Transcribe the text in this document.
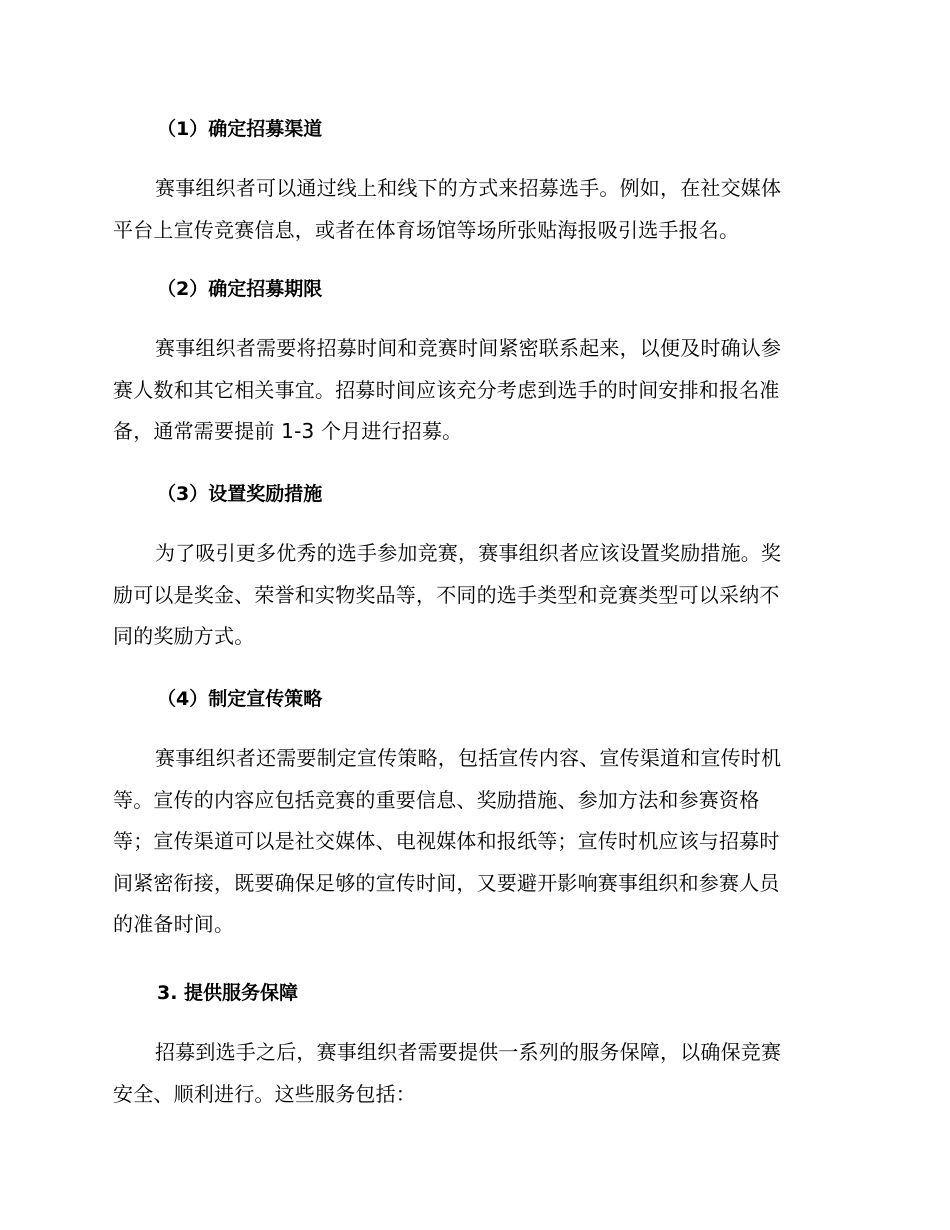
（1）确定招募渠道
赛事组织者可以通过线上和线下的方式来招募选手。例如，在社交媒体
平台上宣传竞赛信息，或者在体育场馆等场所张贴海报吸引选手报名。
（2）确定招募期限
赛事组织者需要将招募时间和竞赛时间紧密联系起来，以便及时确认参
赛人数和其它相关事宜。招募时间应该充分考虑到选手的时间安排和报名准
备，通常需要提前 1-3 个月进行招募。
（3）设置奖励措施
为了吸引更多优秀的选手参加竞赛，赛事组织者应该设置奖励措施。奖
励可以是奖金、荣誉和实物奖品等，不同的选手类型和竞赛类型可以采纳不
同的奖励方式。
（4）制定宣传策略
赛事组织者还需要制定宣传策略，包括宣传内容、宣传渠道和宣传时机
等。宣传的内容应包括竞赛的重要信息、奖励措施、参加方法和参赛资格
等；宣传渠道可以是社交媒体、电视媒体和报纸等；宣传时机应该与招募时
间紧密衔接，既要确保足够的宣传时间，又要避开影响赛事组织和参赛人员
的准备时间。
3. 提供服务保障
招募到选手之后，赛事组织者需要提供一系列的服务保障，以确保竞赛
安全、顺利进行。这些服务包括：
